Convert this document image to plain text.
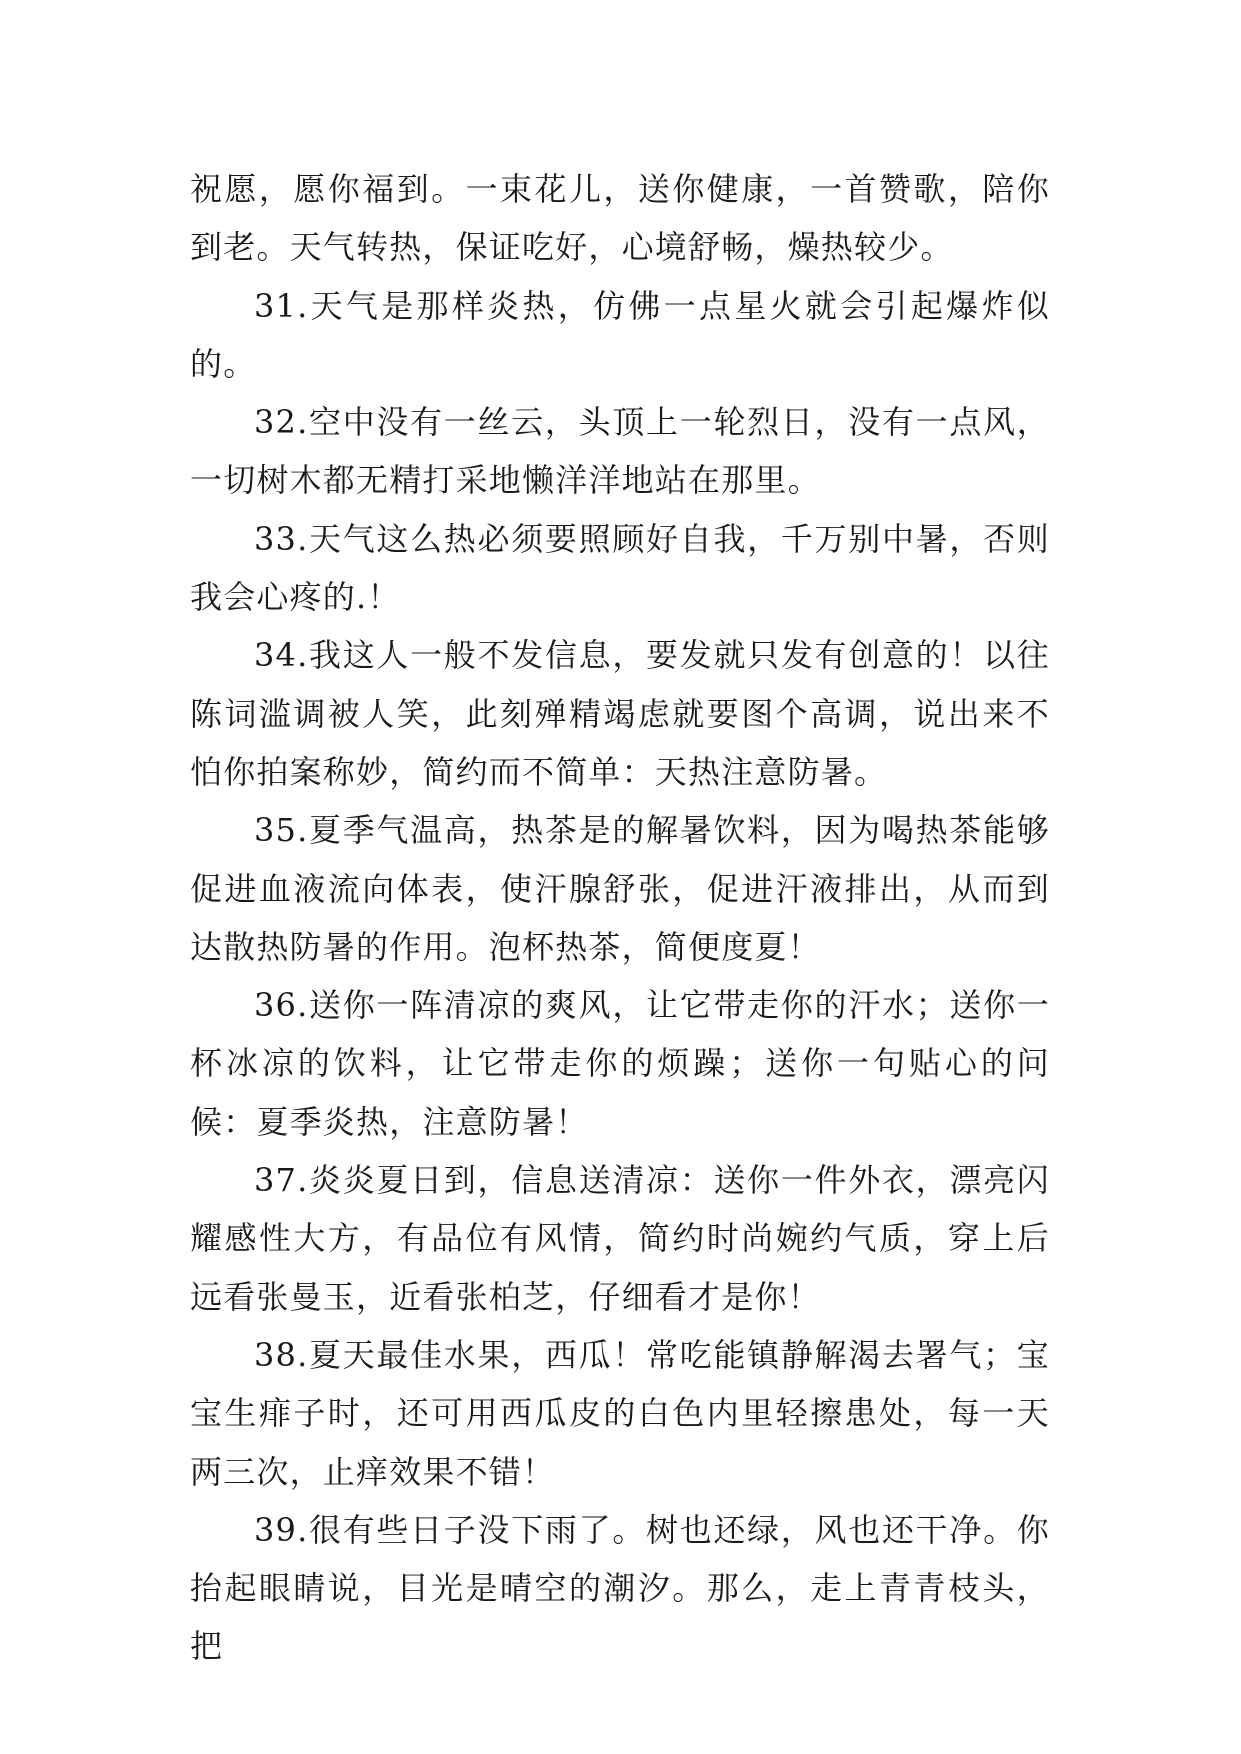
祝愿，愿你福到。一束花儿，送你健康，一首赞歌，陪你到老。天气转热，保证吃好，心境舒畅，燥热较少。

31.天气是那样炎热，仿佛一点星火就会引起爆炸似的。

32.空中没有一丝云，头顶上一轮烈日，没有一点风，一切树木都无精打采地懒洋洋地站在那里。

33.天气这么热必须要照顾好自我，千万别中暑，否则我会心疼的.！

34.我这人一般不发信息，要发就只发有创意的！以往陈词滥调被人笑，此刻殚精竭虑就要图个高调，说出来不怕你拍案称妙，简约而不简单：天热注意防暑。

35.夏季气温高，热茶是的解暑饮料，因为喝热茶能够促进血液流向体表，使汗腺舒张，促进汗液排出，从而到达散热防暑的作用。泡杯热茶，简便度夏！

36.送你一阵清凉的爽风，让它带走你的汗水；送你一杯冰凉的饮料，让它带走你的烦躁；送你一句贴心的问候：夏季炎热，注意防暑！

37.炎炎夏日到，信息送清凉：送你一件外衣，漂亮闪耀感性大方，有品位有风情，简约时尚婉约气质，穿上后远看张曼玉，近看张柏芝，仔细看才是你！

38.夏天最佳水果，西瓜！常吃能镇静解渴去署气；宝宝生痱子时，还可用西瓜皮的白色内里轻擦患处，每一天两三次，止痒效果不错！

39.很有些日子没下雨了。树也还绿，风也还干净。你抬起眼睛说，目光是晴空的潮汐。那么，走上青青枝头，把
